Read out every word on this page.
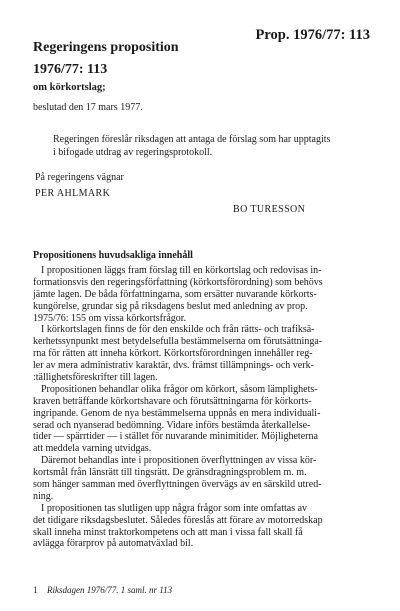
Prop. 1976/77: 113
Regeringens proposition
1976/77: 113
om körkortslag;
beslutad den 17 mars 1977.
Regeringen föreslår riksdagen att antaga de förslag som har upptagits
i bifogade utdrag av regeringsprotokoll.
På regeringens vägnar
PER AHLMARK
BO TURESSON
Propositionens huvudsakliga innehåll
I propositionen läggs fram förslag till en körkortslag och redovisas in-
formationsvis den regeringsförfattning (körkortsförordning) som behövs
jämte lagen. De båda författningarna, som ersätter nuvarande körkorts-
kungörelse, grundar sig på riksdagens beslut med anledning av prop.
1975/76: 155 om vissa körkortsfrågor.
I körkortslagen finns de för den enskilde och från rätts- och trafiksä-
kerhetssynpunkt mest betydelsefulla bestämmelserna om förutsättninga-
rna för rätten att inneha körkort. Körkortsförordningen innehåller reg-
ler av mera administrativ karaktär, dvs. främst tillämpnings- och verk-
:tällighetsföreskrifter till lagen.
Propositionen behandlar olika frågor om körkort, såsom lämplighets-
kraven beträffande körkortshavare och förutsättningarna för körkorts-
ingripande. Genom de nya bestämmelserna uppnås en mera individuali-
serad och nyanserad bedömning. Vidare införs bestämda återkallelse-
tider — spärrtider — i stället för nuvarande minimitider. Möjligheterna
att meddela varning utvidgas.
Däremot behandlas inte i propositionen överflyttningen av vissa kör-
kortsmål från länsrätt till tingsrätt. De gränsdragningsproblem m. m.
som hänger samman med överflyttningen övervägs av en särskild utred-
ning.
I propositionen tas slutligen upp några frågor som inte omfattas av
det tidigare riksdagsbeslutet. Således föreslås att förare av motorredskap
skall inneha minst traktorkompetens och att man i vissa fall skall få
avlägga förarprov på automatväxlad bil.
1 Riksdagen 1976/77. 1 saml. nr 113
